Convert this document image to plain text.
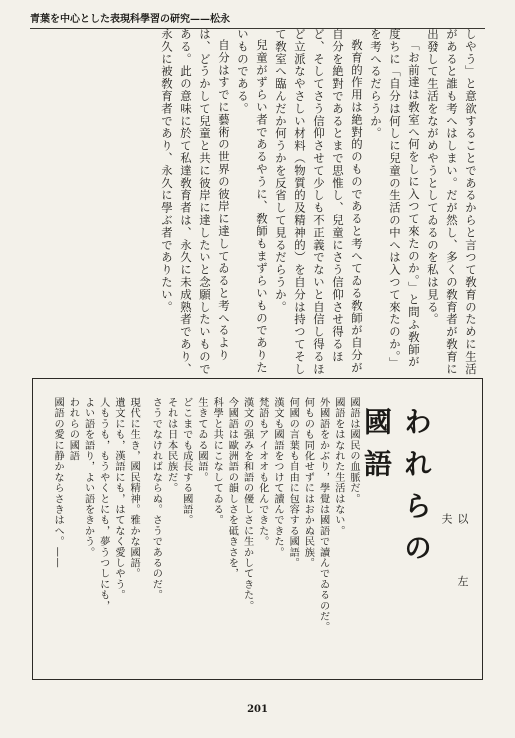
青葉を中心とした表現科學習の研究——松永

しやう」と意欲することであるからと言つて敎育のために生活があると誰も考へはしまい。だが然し、多くの敎育者が敎育に出發して生活をながめやうとしてゐるのを私は見る。

「お前達は敎室へ何をしに入つて來たのか。」と問ふ敎師が度ちに「自分は何しに兒童の生活の中へは入つて來たのか。」を考へるだらうか。

敎育的作用は絶對的のものであると考へてゐる敎師が自分が自分を絶對であるとまで思惟し、兒童にさう信仰させ得るほど、そしてさう信仰させて少しも不正義でないと自信し得るほど立派なやさしい材料（物質的及精神的）を自分は持つてそして敎室へ臨んだか何うかを反省して見るだらうか。

兒童がずらい者であるやうに、敎師もまずらいものでありたいものである。

自分はすでに藝術の世界の彼岸に達してゐると考へるよりは、どうかして兒童と共に彼岸に達したいと念願したいものである。此の意味に於て私達敎育者は、永久に未成熟者であり、永久に被敎育者であり、永久に學ぶ者でありたい。

われらの國語
以 左 夫
國語は國民の血脈だ。
國語をはなれた生活はない。
外國語をかぶり，學覺は國語で讀んでゐるのだ。
何ものも同化せずにはおかぬ民族。
何國の言葉も自由に包容する國語。
漢文も國語をつけて讀んできた。
梵語もアイオオも化んできた。
漢文の强みを和語の優しさに生かしてきた。
今國語は歐洲語の韻しさを砥きさを，
科學と共にこなしてゐる。
生きてゐる國語。
どこまでも成長する國語。
それは日本民族だ。
さうでなければならぬ。さうであるのだ。
現代に生き，國民精神。雅かな國語。
遺文にも，漢語にも，はてなく愛しやう。
人もうも，もうやくとにも，夢うつしにも，
よい語を語り，よい語をきかう。
われらの國語
國語の愛に静かならさきはへ。——
201
